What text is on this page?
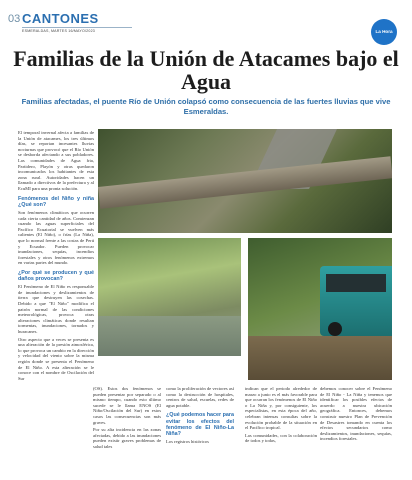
03 CANTONES
ESMERALDAS, MARTES 16/MAYO/2023	La Hora
Familias de la Unión de Atacames bajo el Agua
Familias afectadas, el puente Río de Unión colapsó como consecuencia de las fuertes lluvias que vive Esmeraldas.

El temporal invernal afecta a familias de la Unión de atacames, los tres últimos días, se reportan incesantes lluvias nocturnas que provocó que el Río Unión se desborda afectando a sus pobladores. Las comunidades de Agua fria, Partidero, Playón y otras quedaron incomunicados los habitantes de esta zona rural. Autoridades hacen un llamado a directivos de la prefectura y al EcuMI para una pronta solución.

Fenómenos del Niño y niña ¿Qué son?

Son fenómenos climáticos que ocurren cada cierta cantidad de años. Comienzan cuando las aguas superficiales del Pacífico Ecuatorial se vuelven más calientes (El Niño), o frías (La Niña), que lo normal frente a las costas de Perú y Ecuador. Pueden provocar inundaciones, sequías, incendios forestales y otros fenómenos extremos en varias partes del mundo.

¿Por qué se producen y qué daños provocan?

El Fenómeno de El Niño es responsable de inundaciones y deslizamientos de tierra que destruyen las cosechas. Debido a que "El Niño" modifica el patrón normal de las condiciones meteorológicas, provoca otras alteraciones climáticas donde resultan tormentas, inundaciones, tornados y huracanes.

Otro aspecto que a veces se presenta es una alteración de la presión atmosférica, lo que provoca un cambio en la dirección y velocidad del viento sobre la misma región donde se presenta el Fenómeno de El Niño. A esta alteración se le conoce con el nombre de Oscilación del Sur

(OS). Estos dos fenómenos se pueden presentar por separado o al mismo tiempo, cuando esto último sucede se le llama ENOS (El Niño/Oscilación del Sur) en estos casos las consecuencias son más graves.

Por su alta incidencia en las zonas afectadas, debido a las inundaciones pueden existir graves problemas de salud tales

como la proliferación de vectores así como la destrucción de hospitales, centros de salud, escuelas, redes de agua potable.

¿Qué podemos hacer para evitar los efectos del fenómeno de El Niño-La Niña?

Los registros históricos

indican que el periodo alrededor de marzo a junio es el más favorable para que ocurran los fenómenos de El Niño o La Niña y, por consiguiente, los especialistas, en esta época del año, celebran intensas consultas sobre la evolución probable de la situación en el Pacífico tropical.

Las comunidades, con la colaboración de todos y todas,

debemos conocer sobre el Fenómeno de El Niño - La Niña y tenemos que identificar los posibles efectos de acuerdo a nuestra ubicación geográfica. Entonces, debemos construir nuestro Plan de Prevención de Desastres tomando en cuenta los efectos secundarios como deslizamientos, inundaciones, sequías, incendios forestales.
